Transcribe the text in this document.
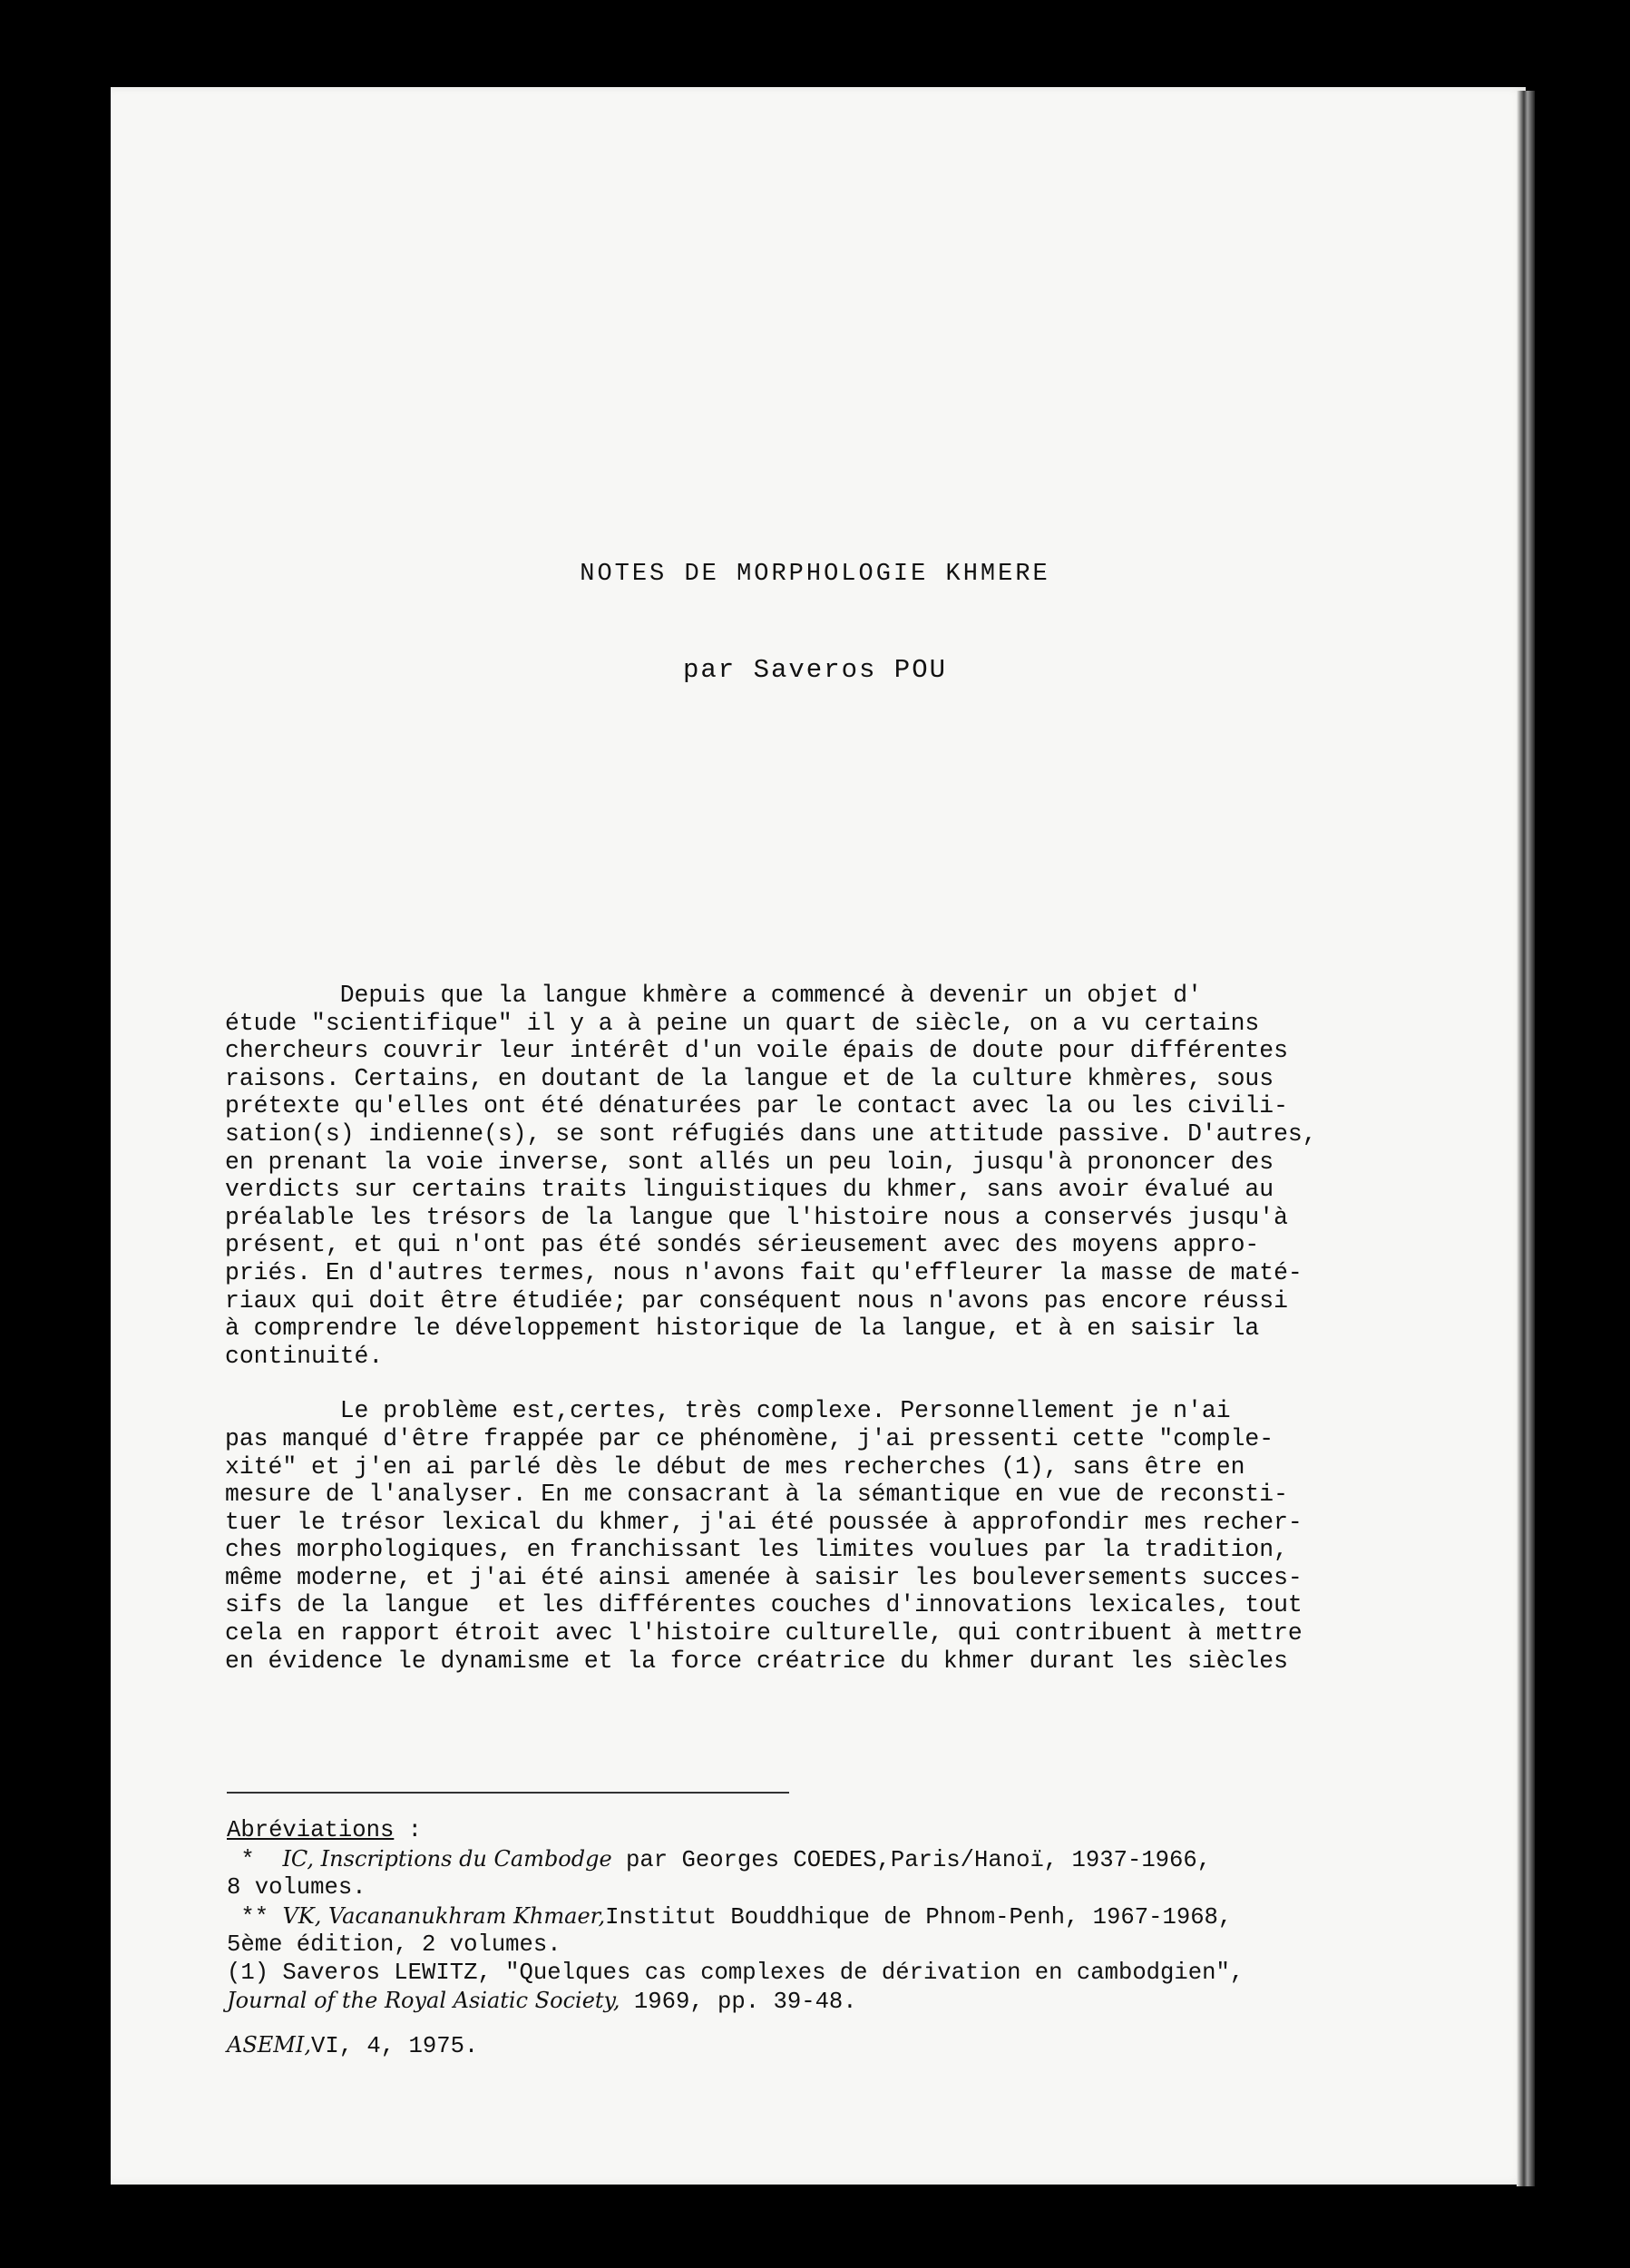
NOTES DE MORPHOLOGIE KHMERE
par Saveros POU

Depuis que la langue khmère a commencé à devenir un objet d'
étude "scientifique" il y a à peine un quart de siècle, on a vu certains
chercheurs couvrir leur intérêt d'un voile épais de doute pour différentes
raisons. Certains, en doutant de la langue et de la culture khmères, sous
prétexte qu'elles ont été dénaturées par le contact avec la ou les civili-
sation(s) indienne(s), se sont réfugiés dans une attitude passive. D'autres,
en prenant la voie inverse, sont allés un peu loin, jusqu'à prononcer des
verdicts sur certains traits linguistiques du khmer, sans avoir évalué au
préalable les trésors de la langue que l'histoire nous a conservés jusqu'à
présent, et qui n'ont pas été sondés sérieusement avec des moyens appro-
priés. En d'autres termes, nous n'avons fait qu'effleurer la masse de maté-
riaux qui doit être étudiée; par conséquent nous n'avons pas encore réussi
à comprendre le développement historique de la langue, et à en saisir la
continuité.

Le problème est,certes, très complexe. Personnellement je n'ai
pas manqué d'être frappée par ce phénomène, j'ai pressenti cette "comple-
xité" et j'en ai parlé dès le début de mes recherches (1), sans être en
mesure de l'analyser. En me consacrant à la sémantique en vue de reconsti-
tuer le trésor lexical du khmer, j'ai été poussée à approfondir mes recher-
ches morphologiques, en franchissant les limites voulues par la tradition,
même moderne, et j'ai été ainsi amenée à saisir les bouleversements succes-
sifs de la langue  et les différentes couches d'innovations lexicales, tout
cela en rapport étroit avec l'histoire culturelle, qui contribuent à mettre
en évidence le dynamisme et la force créatrice du khmer durant les siècles

Abréviations :
*  IC, Inscriptions du Cambodge par Georges COEDES,Paris/Hanoï, 1937-1966,
8 volumes.
** VK, Vacananukhram Khmaer,Institut Bouddhique de Phnom-Penh, 1967-1968,
5ème édition, 2 volumes.
(1) Saveros LEWITZ, "Quelques cas complexes de dérivation en cambodgien",
Journal of the Royal Asiatic Society, 1969, pp. 39-48.
ASEMI,VI, 4, 1975.
